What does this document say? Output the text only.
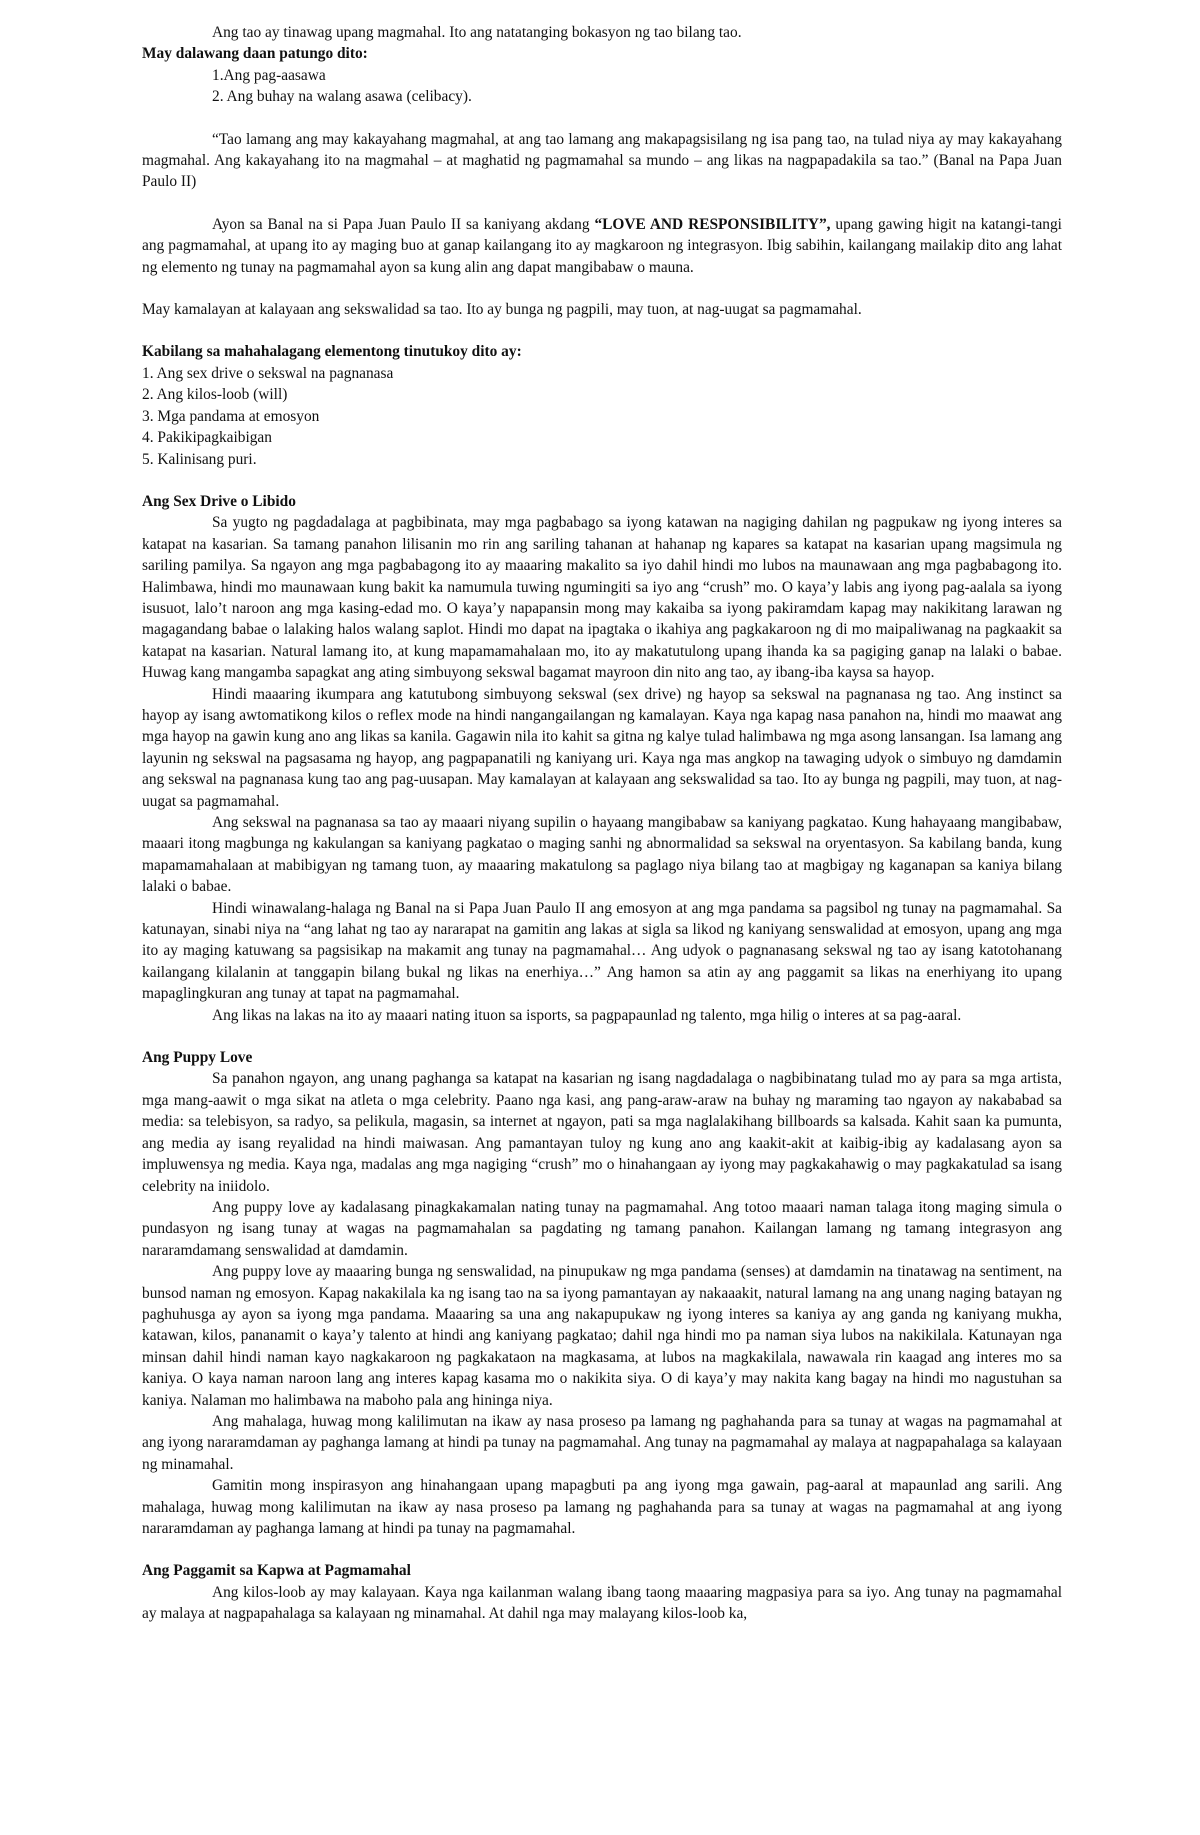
Ang tao ay tinawag upang magmahal. Ito ang natatanging bokasyon ng tao bilang tao.

May dalawang daan patungo dito:

1.Ang pag-aasawa

2. Ang buhay na walang asawa (celibacy).

“Tao lamang ang may kakayahang magmahal, at ang tao lamang ang makapagsisilang ng isa pang tao, na tulad niya ay may kakayahang magmahal. Ang kakayahang ito na magmahal – at maghatid ng pagmamahal sa mundo – ang likas na nagpapadakila sa tao.” (Banal na Papa Juan Paulo II)

Ayon sa Banal na si Papa Juan Paulo II sa kaniyang akdang “LOVE AND RESPONSIBILITY”, upang gawing higit na katangi-tangi ang pagmamahal, at upang ito ay maging buo at ganap kailangang ito ay magkaroon ng integrasyon. Ibig sabihin, kailangang mailakip dito ang lahat ng elemento ng tunay na pagmamahal ayon sa kung alin ang dapat mangibabaw o mauna.

May kamalayan at kalayaan ang sekswalidad sa tao. Ito ay bunga ng pagpili, may tuon, at nag-uugat sa pagmamahal.

Kabilang sa mahahalagang elementong tinutukoy dito ay:

1. Ang sex drive o sekswal na pagnanasa

2. Ang kilos-loob (will)

3. Mga pandama at emosyon

4. Pakikipagkaibigan

5. Kalinisang puri.

Ang Sex Drive o Libido

Sa yugto ng pagdadalaga at pagbibinata, may mga pagbabago sa iyong katawan na nagiging dahilan ng pagpukaw ng iyong interes sa katapat na kasarian. Sa tamang panahon lilisanin mo rin ang sariling tahanan at hahanap ng kapares sa katapat na kasarian upang magsimula ng sariling pamilya. Sa ngayon ang mga pagbabagong ito ay maaaring makalito sa iyo dahil hindi mo lubos na maunawaan ang mga pagbabagong ito. Halimbawa, hindi mo maunawaan kung bakit ka namumula tuwing ngumingiti sa iyo ang “crush” mo. O kaya’y labis ang iyong pag-aalala sa iyong isusuot, lalo’t naroon ang mga kasing-edad mo. O kaya’y napapansin mong may kakaiba sa iyong pakiramdam kapag may nakikitang larawan ng magagandang babae o lalaking halos walang saplot. Hindi mo dapat na ipagtaka o ikahiya ang pagkakaroon ng di mo maipaliwanag na pagkaakit sa katapat na kasarian. Natural lamang ito, at kung mapamamahalaan mo, ito ay makatutulong upang ihanda ka sa pagiging ganap na lalaki o babae. Huwag kang mangamba sapagkat ang ating simbuyong sekswal bagamat mayroon din nito ang tao, ay ibang-iba kaysa sa hayop.

Hindi maaaring ikumpara ang katutubong simbuyong sekswal (sex drive) ng hayop sa sekswal na pagnanasa ng tao. Ang instinct sa hayop ay isang awtomatikong kilos o reflex mode na hindi nangangailangan ng kamalayan. Kaya nga kapag nasa panahon na, hindi mo maawat ang mga hayop na gawin kung ano ang likas sa kanila. Gagawin nila ito kahit sa gitna ng kalye tulad halimbawa ng mga asong lansangan. Isa lamang ang layunin ng sekswal na pagsasama ng hayop, ang pagpapanatili ng kaniyang uri. Kaya nga mas angkop na tawaging udyok o simbuyo ng damdamin ang sekswal na pagnanasa kung tao ang pag-uusapan. May kamalayan at kalayaan ang sekswalidad sa tao. Ito ay bunga ng pagpili, may tuon, at nag-uugat sa pagmamahal.

Ang sekswal na pagnanasa sa tao ay maaari niyang supilin o hayaang mangibabaw sa kaniyang pagkatao. Kung hahayaang mangibabaw, maaari itong magbunga ng kakulangan sa kaniyang pagkatao o maging sanhi ng abnormalidad sa sekswal na oryentasyon. Sa kabilang banda, kung mapamamahalaan at mabibigyan ng tamang tuon, ay maaaring makatulong sa paglago niya bilang tao at magbigay ng kaganapan sa kaniya bilang lalaki o babae.

Hindi winawalang-halaga ng Banal na si Papa Juan Paulo II ang emosyon at ang mga pandama sa pagsibol ng tunay na pagmamahal. Sa katunayan, sinabi niya na “ang lahat ng tao ay nararapat na gamitin ang lakas at sigla sa likod ng kaniyang senswalidad at emosyon, upang ang mga ito ay maging katuwang sa pagsisikap na makamit ang tunay na pagmamahal… Ang udyok o pagnanasang sekswal ng tao ay isang katotohanang kailangang kilalanin at tanggapin bilang bukal ng likas na enerhiya…” Ang hamon sa atin ay ang paggamit sa likas na enerhiyang ito upang mapaglingkuran ang tunay at tapat na pagmamahal.

Ang likas na lakas na ito ay maaari nating ituon sa isports, sa pagpapaunlad ng talento, mga hilig o interes at sa pag-aaral.

Ang Puppy Love

Sa panahon ngayon, ang unang paghanga sa katapat na kasarian ng isang nagdadalaga o nagbibinatang tulad mo ay para sa mga artista, mga mang-aawit o mga sikat na atleta o mga celebrity. Paano nga kasi, ang pang-araw-araw na buhay ng maraming tao ngayon ay nakababad sa media: sa telebisyon, sa radyo, sa pelikula, magasin, sa internet at ngayon, pati sa mga naglalakihang billboards sa kalsada. Kahit saan ka pumunta, ang media ay isang reyalidad na hindi maiwasan. Ang pamantayan tuloy ng kung ano ang kaakit-akit at kaibig-ibig ay kadalasang ayon sa impluwensya ng media. Kaya nga, madalas ang mga nagiging “crush” mo o hinahangaan ay iyong may pagkakahawig o may pagkakatulad sa isang celebrity na iniidolo.

Ang puppy love ay kadalasang pinagkakamalan nating tunay na pagmamahal. Ang totoo maaari naman talaga itong maging simula o pundasyon ng isang tunay at wagas na pagmamahalan sa pagdating ng tamang panahon. Kailangan lamang ng tamang integrasyon ang nararamdamang senswalidad at damdamin.

Ang puppy love ay maaaring bunga ng senswalidad, na pinupukaw ng mga pandama (senses) at damdamin na tinatawag na sentiment, na bunsod naman ng emosyon. Kapag nakakilala ka ng isang tao na sa iyong pamantayan ay nakaaakit, natural lamang na ang unang naging batayan ng paghuhusga ay ayon sa iyong mga pandama. Maaaring sa una ang nakapupukaw ng iyong interes sa kaniya ay ang ganda ng kaniyang mukha, katawan, kilos, pananamit o kaya’y talento at hindi ang kaniyang pagkatao; dahil nga hindi mo pa naman siya lubos na nakikilala. Katunayan nga minsan dahil hindi naman kayo nagkakaroon ng pagkakataon na magkasama, at lubos na magkakilala, nawawala rin kaagad ang interes mo sa kaniya. O kaya naman naroon lang ang interes kapag kasama mo o nakikita siya. O di kaya’y may nakita kang bagay na hindi mo nagustuhan sa kaniya. Nalaman mo halimbawa na maboho pala ang hininga niya.

Ang mahalaga, huwag mong kalilimutan na ikaw ay nasa proseso pa lamang ng paghahanda para sa tunay at wagas na pagmamahal at ang iyong nararamdaman ay paghanga lamang at hindi pa tunay na pagmamahal. Ang tunay na pagmamahal ay malaya at nagpapahalaga sa kalayaan ng minamahal.

Gamitin mong inspirasyon ang hinahangaan upang mapagbuti pa ang iyong mga gawain, pag-aaral at mapaunlad ang sarili. Ang mahalaga, huwag mong kalilimutan na ikaw ay nasa proseso pa lamang ng paghahanda para sa tunay at wagas na pagmamahal at ang iyong nararamdaman ay paghanga lamang at hindi pa tunay na pagmamahal.

Ang Paggamit sa Kapwa at Pagmamahal

Ang kilos-loob ay may kalayaan. Kaya nga kailanman walang ibang taong maaaring magpasiya para sa iyo. Ang tunay na pagmamahal ay malaya at nagpapahalaga sa kalayaan ng minamahal. At dahil nga may malayang kilos-loob ka,
